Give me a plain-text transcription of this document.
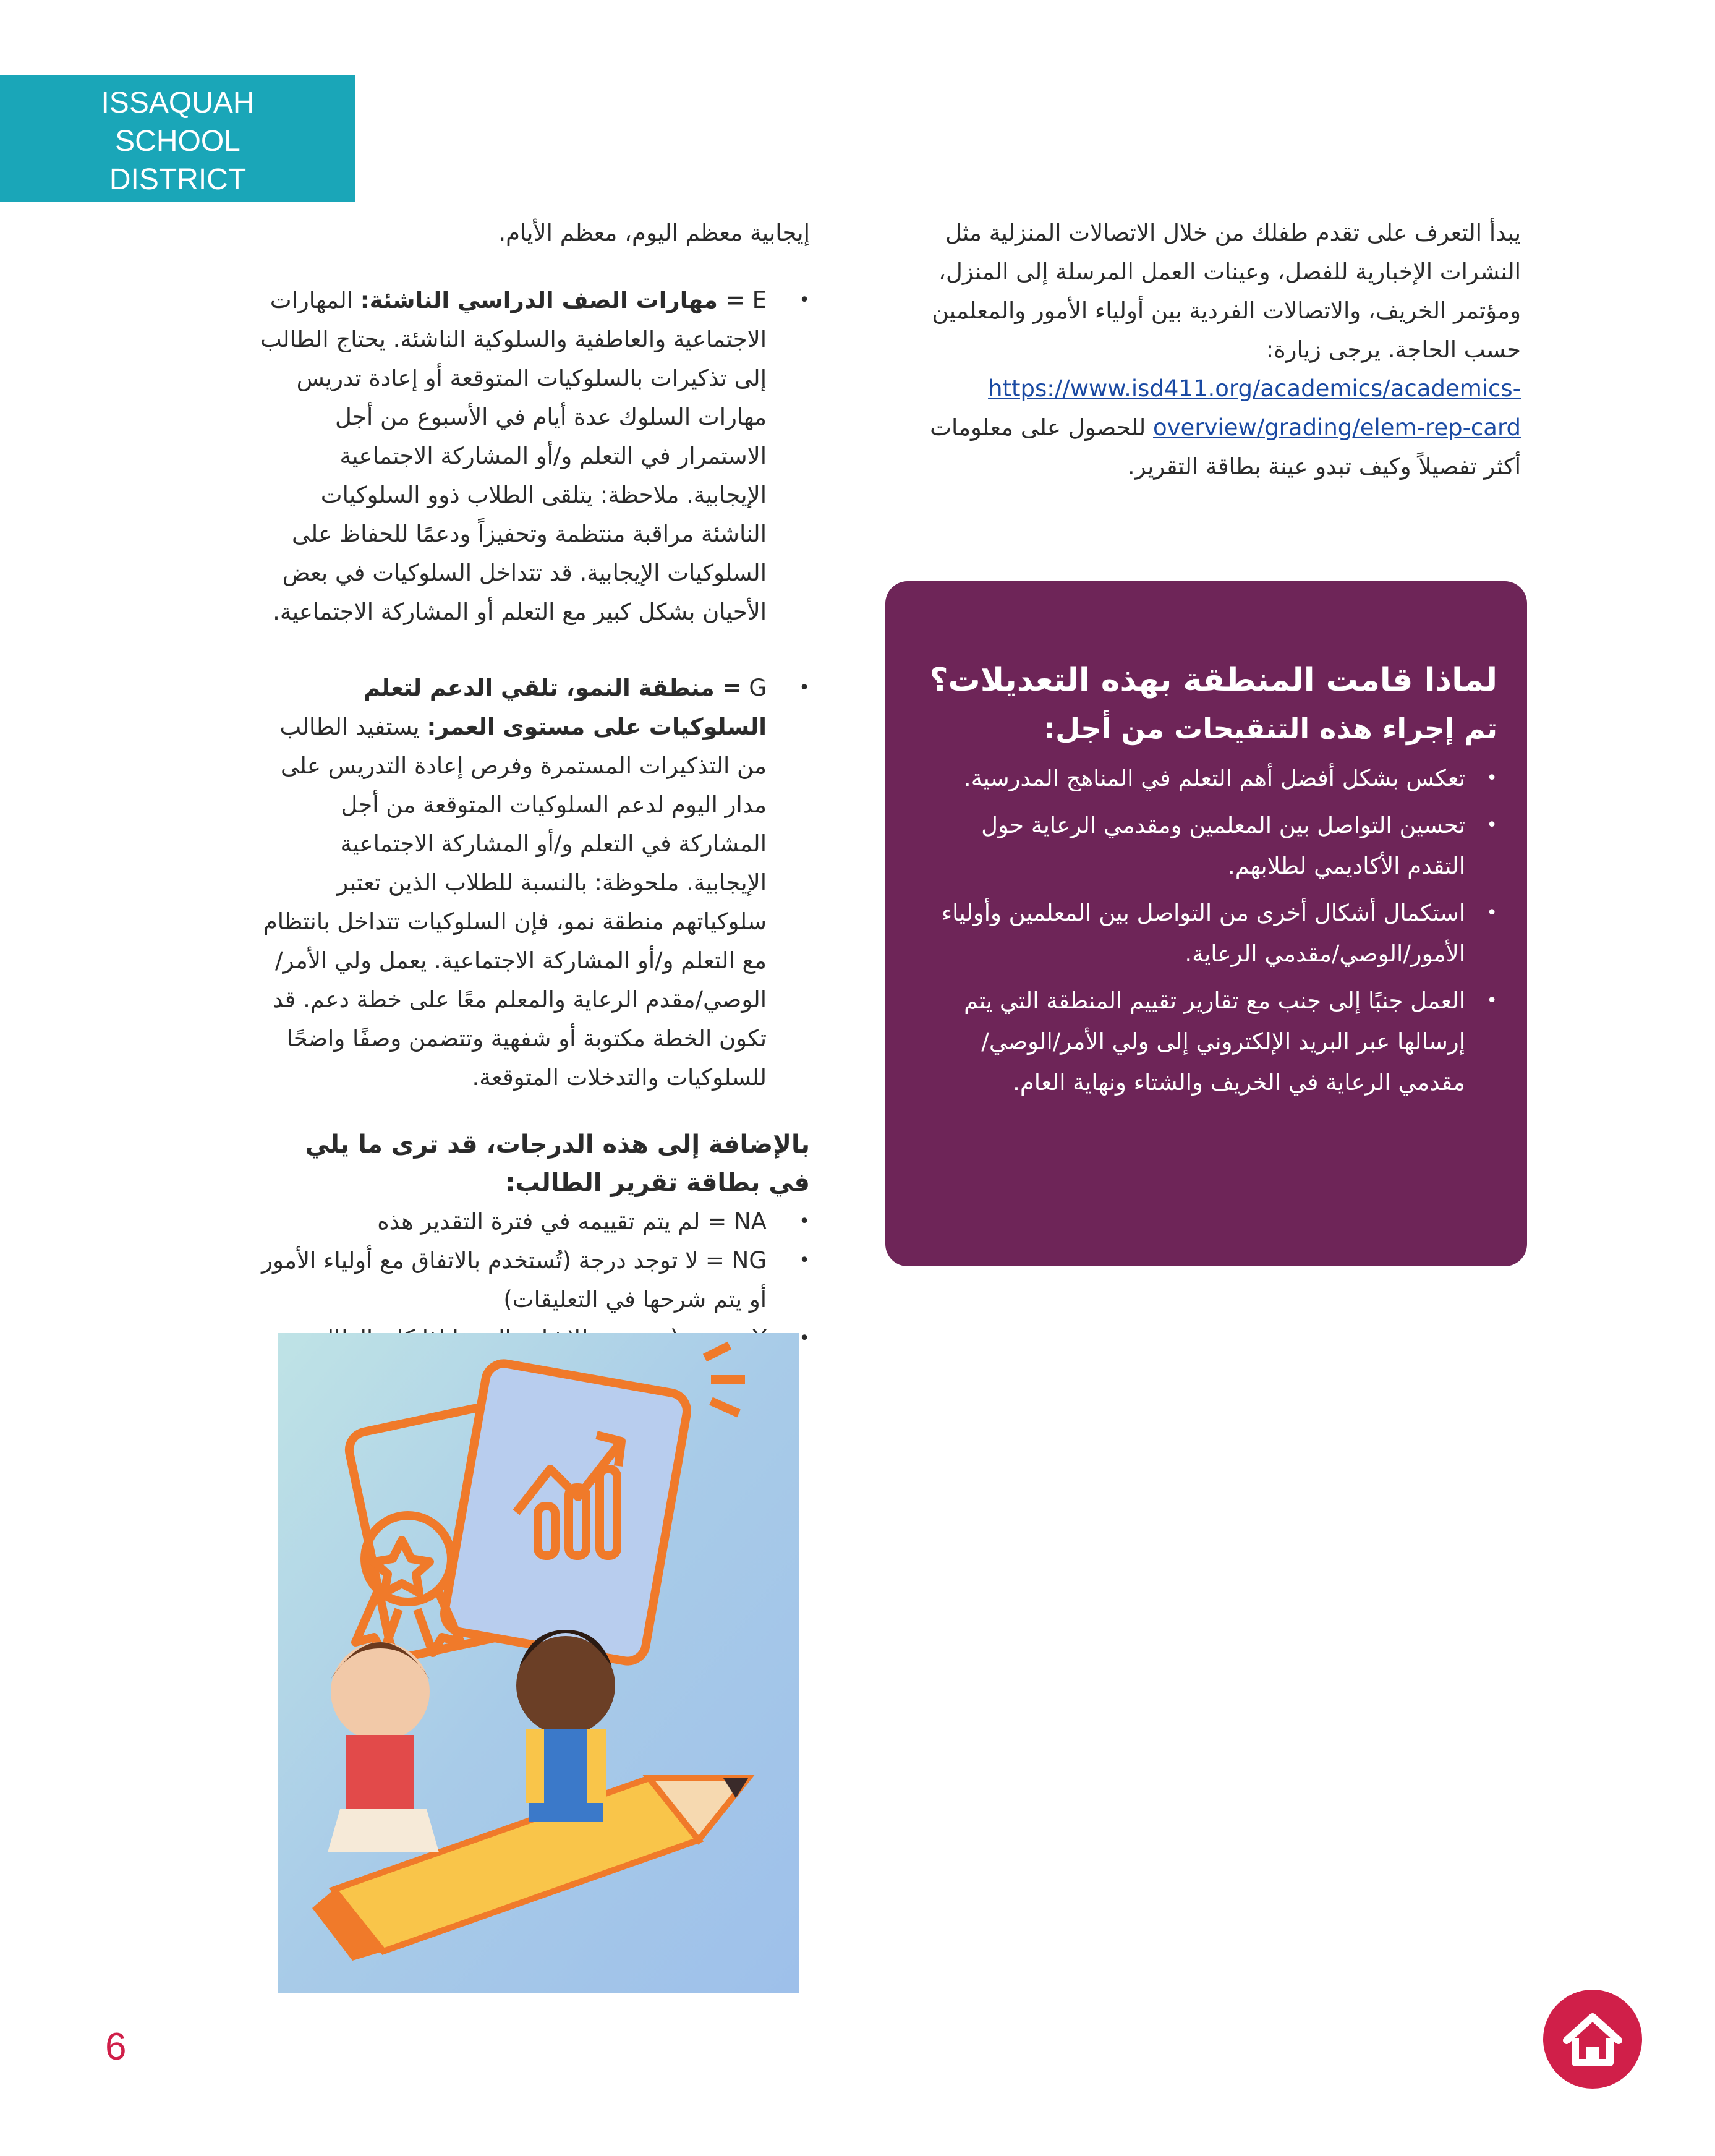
ISSAQUAH
SCHOOL
DISTRICT

يبدأ التعرف على تقدم طفلك من خلال الاتصالات المنزلية مثل النشرات الإخبارية للفصل، وعينات العمل المرسلة إلى المنزل، ومؤتمر الخريف، والاتصالات الفردية بين أولياء الأمور والمعلمين حسب الحاجة. يرجى زيارة: https://www.isd411.org/academics/academics-
overview/grading/elem-rep-card للحصول على معلومات أكثر تفصيلاً وكيف تبدو عينة بطاقة التقرير.

لماذا قامت المنطقة بهذه التعديلات؟
تم إجراء هذه التنقيحات من أجل:
•
تعكس بشكل أفضل أهم التعلم في المناهج المدرسية.
•
تحسين التواصل بين المعلمين ومقدمي الرعاية حول التقدم الأكاديمي لطلابهم.
•
استكمال أشكال أخرى من التواصل بين المعلمين وأولياء الأمور/الوصي/مقدمي الرعاية.
•
العمل جنبًا إلى جنب مع تقارير تقييم المنطقة التي يتم إرسالها عبر البريد الإلكتروني إلى ولي الأمر/الوصي/ مقدمي الرعاية في الخريف والشتاء ونهاية العام.

إيجابية معظم اليوم، معظم الأيام.

•
E = مهارات الصف الدراسي الناشئة: المهارات الاجتماعية والعاطفية والسلوكية الناشئة. يحتاج الطالب إلى تذكيرات بالسلوكيات المتوقعة أو إعادة تدريس مهارات السلوك عدة أيام في الأسبوع من أجل الاستمرار في التعلم و/أو المشاركة الاجتماعية الإيجابية. ملاحظة: يتلقى الطلاب ذوو السلوكيات الناشئة مراقبة منتظمة وتحفيزاً ودعمًا للحفاظ على السلوكيات الإيجابية. قد تتداخل السلوكيات في بعض الأحيان بشكل كبير مع التعلم أو المشاركة الاجتماعية.
•
G = منطقة النمو، تلقي الدعم لتعلم السلوكيات على مستوى العمر: يستفيد الطالب من التذكيرات المستمرة وفرص إعادة التدريس على مدار اليوم لدعم السلوكيات المتوقعة من أجل المشاركة في التعلم و/أو المشاركة الاجتماعية الإيجابية. ملحوظة: بالنسبة للطلاب الذين تعتبر سلوكياتهم منطقة نمو، فإن السلوكيات تتداخل بانتظام مع التعلم و/أو المشاركة الاجتماعية. يعمل ولي الأمر/ الوصي/مقدم الرعاية والمعلم معًا على خطة دعم. قد تكون الخطة مكتوبة أو شفهية وتتضمن وصفًا واضحًا للسلوكيات والتدخلات المتوقعة.

بالإضافة إلى هذه الدرجات، قد ترى ما يلي في بطاقة تقرير الطالب:

•
NA = لم يتم تقييمه في فترة التقدير هذه
•
NG = لا توجد درجة (تُستخدم بالاتفاق مع أولياء الأمور أو يتم شرحها في التعليقات)
•
6
